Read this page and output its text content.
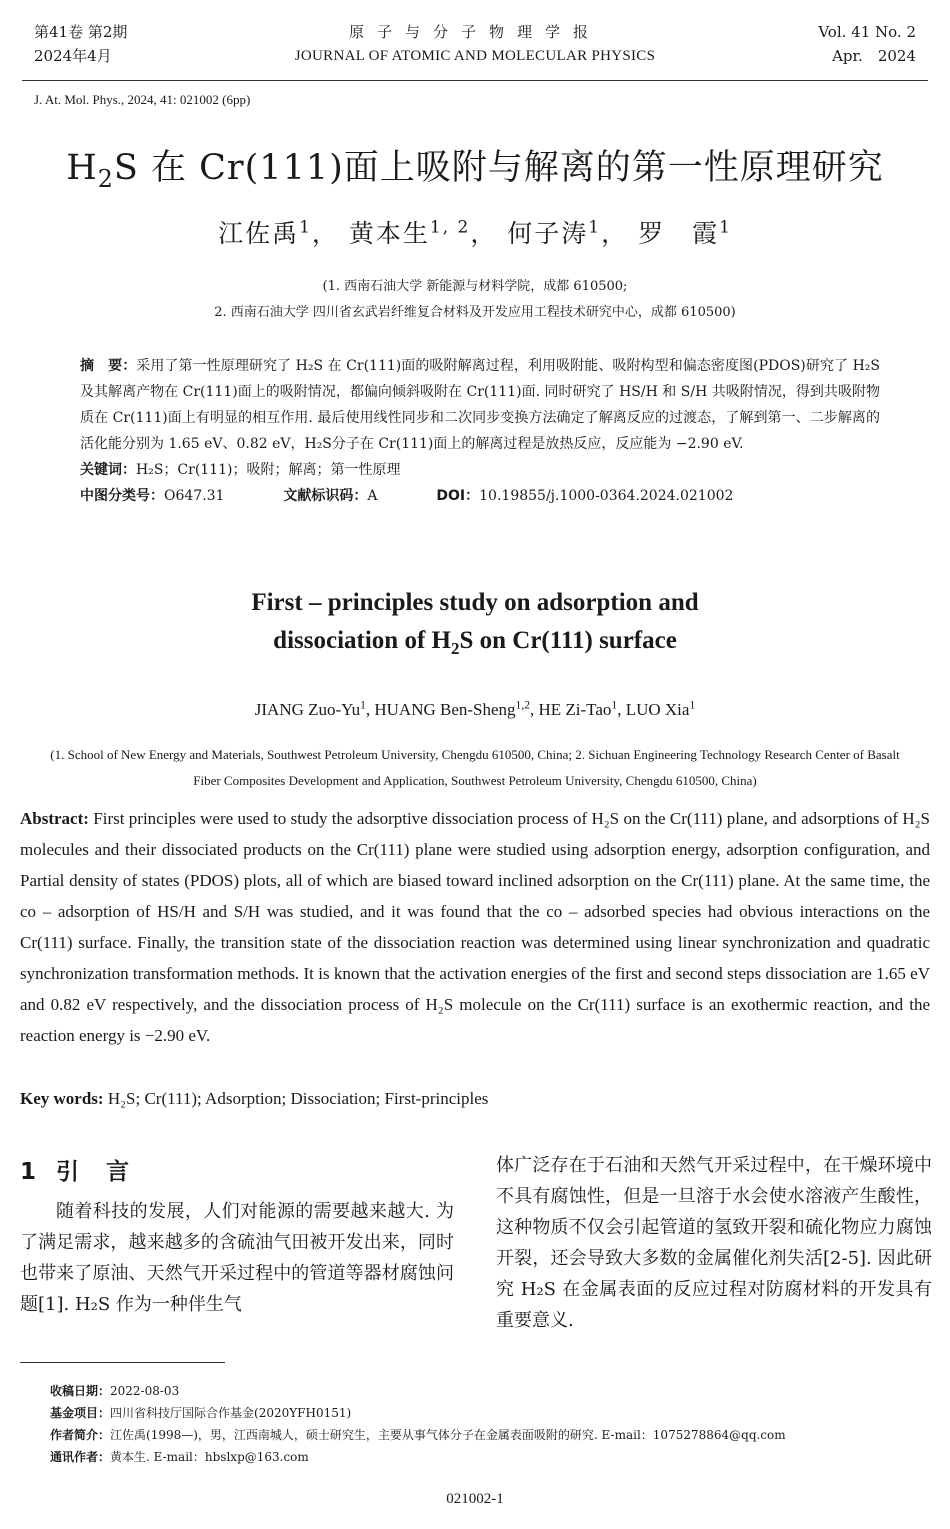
第41卷 第2期
2024年4月
原子与分子物理学报
JOURNAL OF ATOMIC AND MOLECULAR PHYSICS
Vol. 41 No. 2
Apr.　2024
J. At. Mol. Phys., 2024, 41: 021002 (6pp)
$H_2S$ 在 Cr(111)面上吸附与解离的第一性原理研究
江佐禹$^1$， 黄本生$^{1, 2}$， 何子涛$^1$， 罗　霞$^1$
(1. 西南石油大学 新能源与材料学院，成都 610500;
2. 西南石油大学 四川省玄武岩纤维复合材料及开发应用工程技术研究中心，成都 610500)
摘　要：采用了第一性原理研究了 H₂S 在 Cr(111)面的吸附解离过程，利用吸附能、吸附构型和偏态密度图(PDOS)研究了 H₂S 及其解离产物在 Cr(111)面上的吸附情况，都偏向倾斜吸附在 Cr(111)面. 同时研究了 HS/H 和 S/H 共吸附情况，得到共吸附物质在 Cr(111)面上有明显的相互作用. 最后使用线性同步和二次同步变换方法确定了解离反应的过渡态，了解到第一、二步解离的活化能分别为 1.65 eV、0.82 eV，H₂S分子在 Cr(111)面上的解离过程是放热反应，反应能为 −2.90 eV.
关键词：H₂S；Cr(111)；吸附；解离；第一性原理
中图分类号：O647.31	文献标识码：A	DOI：10.19855/j.1000-0364.2024.021002
First – principles study on adsorption and
dissociation of $H_2S$ on Cr(111) surface
JIANG Zuo-Yu$^1$, HUANG Ben-Sheng$^{1,2}$, HE Zi-Tao$^1$, LUO Xia$^1$
(1. School of New Energy and Materials, Southwest Petroleum University, Chengdu 610500, China; 2. Sichuan Engineering Technology Research Center of Basalt Fiber Composites Development and Application, Southwest Petroleum University, Chengdu 610500, China)
Abstract: First principles were used to study the adsorptive dissociation process of H₂S on the Cr(111) plane, and adsorptions of H₂S molecules and their dissociated products on the Cr(111) plane were studied using adsorption energy, adsorption configuration, and Partial density of states (PDOS) plots, all of which are biased toward inclined adsorption on the Cr(111) plane. At the same time, the co – adsorption of HS/H and S/H was studied, and it was found that the co – adsorbed species had obvious interactions on the Cr(111) surface. Finally, the transition state of the dissociation reaction was determined using linear synchronization and quadratic synchronization transformation methods. It is known that the activation energies of the first and second steps dissociation are 1.65 eV and 0.82 eV respectively, and the dissociation process of H₂S molecule on the Cr(111) surface is an exothermic reaction, and the reaction energy is −2.90 eV.
Key words: H₂S; Cr(111); Adsorption; Dissociation; First-principles
1 引　言

随着科技的发展，人们对能源的需要越来越大. 为了满足需求，越来越多的含硫油气田被开发出来，同时也带来了原油、天然气开采过程中的管道等器材腐蚀问题[1]. H₂S 作为一种伴生气

体广泛存在于石油和天然气开采过程中，在干燥环境中不具有腐蚀性，但是一旦溶于水会使水溶液产生酸性，这种物质不仅会引起管道的氢致开裂和硫化物应力腐蚀开裂，还会导致大多数的金属催化剂失活[2-5]. 因此研究 H₂S 在金属表面的反应过程对防腐材料的开发具有重要意义.

收稿日期：2022-08-03
基金项目：四川省科技厅国际合作基金(2020YFH0151)
作者简介：江佐禹(1998—)，男，江西南城人，硕士研究生，主要从事气体分子在金属表面吸附的研究. E-mail：1075278864@qq.com
通讯作者：黄本生. E-mail：hbslxp@163.com
021002-1
